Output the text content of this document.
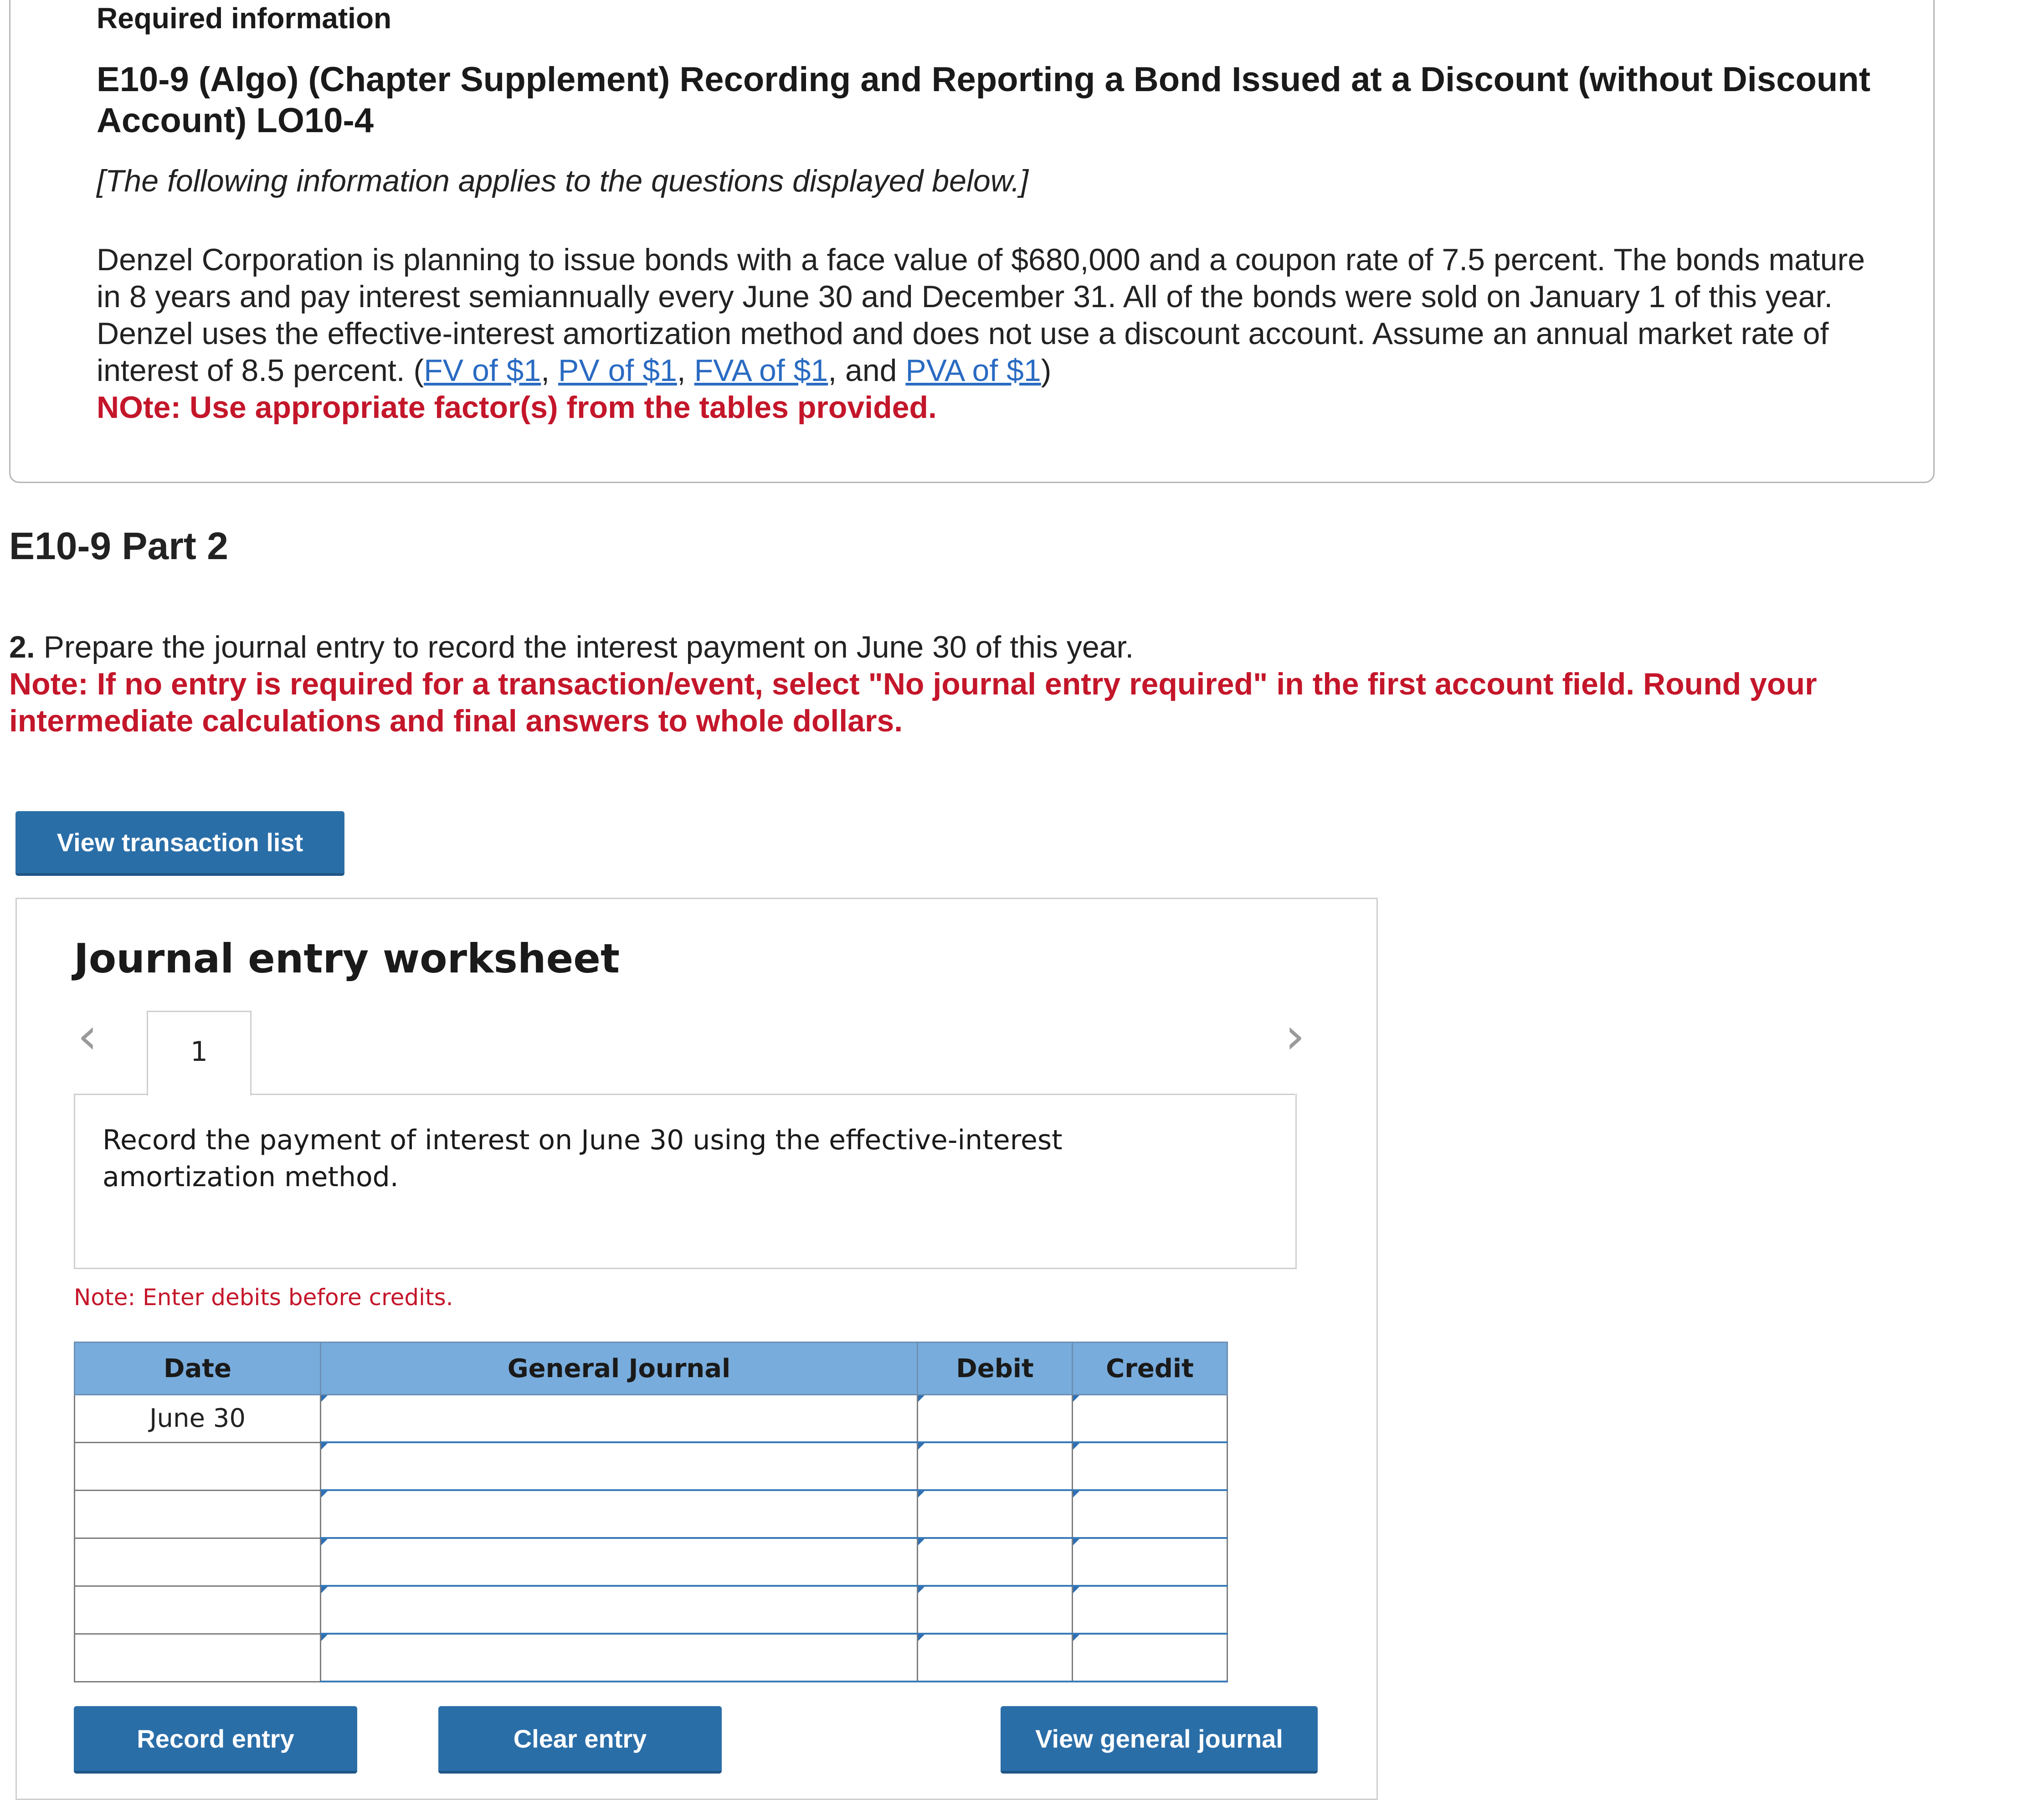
Required information
E10-9 (Algo) (Chapter Supplement) Recording and Reporting a Bond Issued at a Discount (without Discount Account) LO10-4
[The following information applies to the questions displayed below.]
Denzel Corporation is planning to issue bonds with a face value of $680,000 and a coupon rate of 7.5 percent. The bonds mature in 8 years and pay interest semiannually every June 30 and December 31. All of the bonds were sold on January 1 of this year. Denzel uses the effective-interest amortization method and does not use a discount account. Assume an annual market rate of interest of 8.5 percent. (FV of $1, PV of $1, FVA of $1, and PVA of $1)
NOte: Use appropriate factor(s) from the tables provided.
E10-9 Part 2
2. Prepare the journal entry to record the interest payment on June 30 of this year.
Note: If no entry is required for a transaction/event, select "No journal entry required" in the first account field. Round your intermediate calculations and final answers to whole dollars.
View transaction list
Journal entry worksheet
‹	›
1
Record the payment of interest on June 30 using the effective-interest amortization method.
Note: Enter debits before credits.
Date	General Journal	Debit	Credit
June 30			

Record entry	Clear entry	View general journal
